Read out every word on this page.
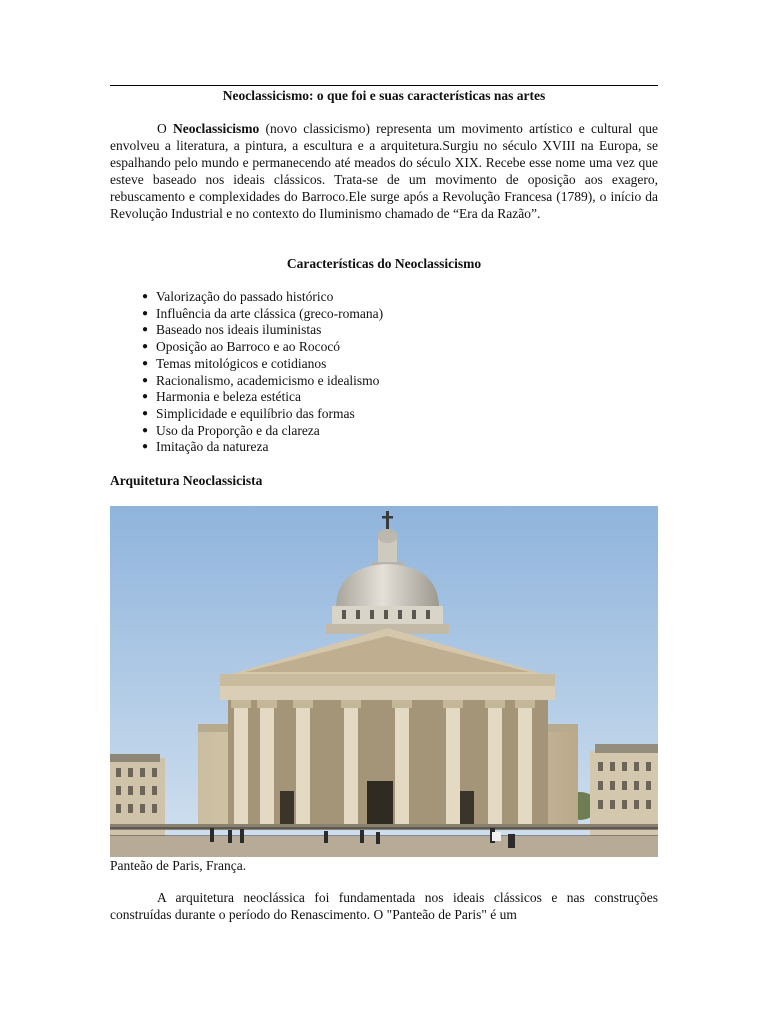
Neoclassicismo: o que foi e suas características nas artes

O Neoclassicismo (novo classicismo) representa um movimento artístico e cultural que envolveu a literatura, a pintura, a escultura e a arquitetura.Surgiu no século XVIII na Europa, se espalhando pelo mundo e permanecendo até meados do século XIX. Recebe esse nome uma vez que esteve baseado nos ideais clássicos. Trata-se de um movimento de oposição aos exagero, rebuscamento e complexidades do Barroco.Ele surge após a Revolução Francesa (1789), o início da Revolução Industrial e no contexto do Iluminismo chamado de “Era da Razão”.

Características do Neoclassicismo
● Valorização do passado histórico
● Influência da arte clássica (greco-romana)
● Baseado nos ideais iluministas
● Oposição ao Barroco e ao Rococó
● Temas mitológicos e cotidianos
● Racionalismo, academicismo e idealismo
● Harmonia e beleza estética
● Simplicidade e equilíbrio das formas
● Uso da Proporção e da clareza
● Imitação da natureza
Arquitetura Neoclassicista
Panteão de Paris, França.

A arquitetura neoclássica foi fundamentada nos ideais clássicos e nas construções construídas durante o período do Renascimento. O "Panteão de Paris" é um
